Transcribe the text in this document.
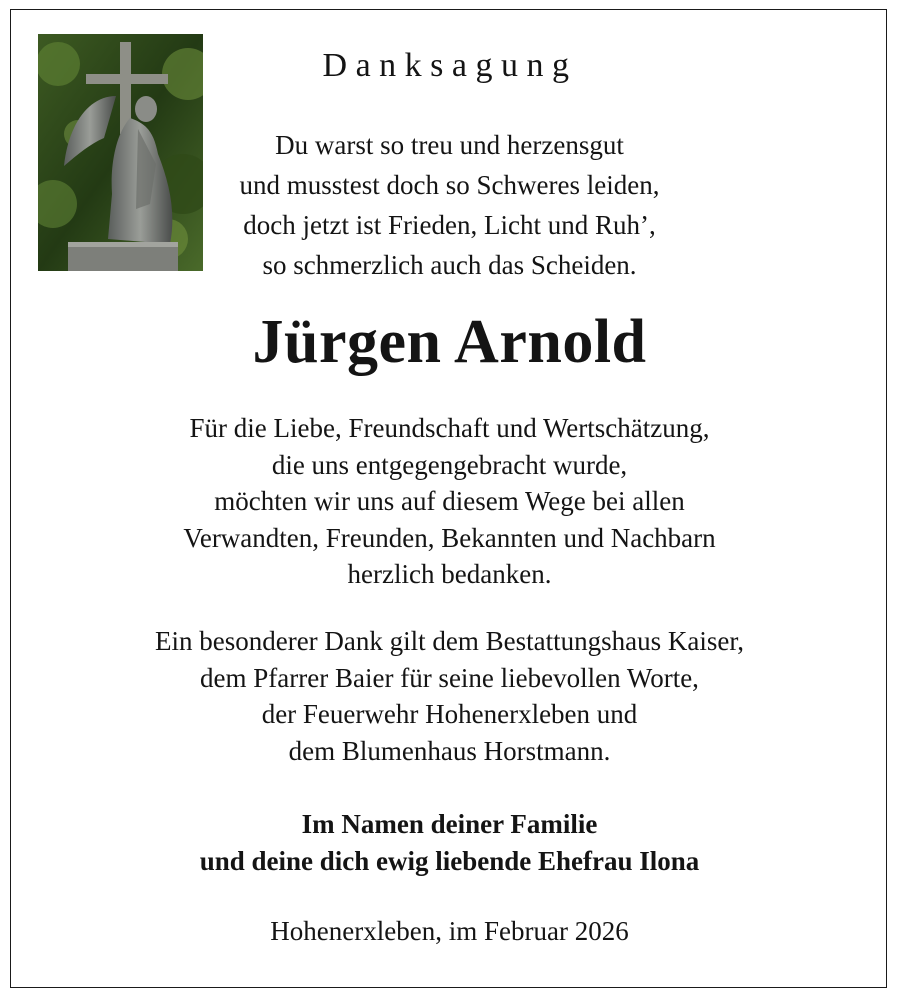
Danksagung
Du warst so treu und herzensgut
und musstest doch so Schweres leiden,
doch jetzt ist Frieden, Licht und Ruh’,
so schmerzlich auch das Scheiden.
Jürgen Arnold
Für die Liebe, Freundschaft und Wertschätzung,
die uns entgegengebracht wurde,
möchten wir uns auf diesem Wege bei allen
Verwandten, Freunden, Bekannten und Nachbarn
herzlich bedanken.
Ein besonderer Dank gilt dem Bestattungshaus Kaiser,
dem Pfarrer Baier für seine liebevollen Worte,
der Feuerwehr Hohenerxleben und
dem Blumenhaus Horstmann.
Im Namen deiner Familie
und deine dich ewig liebende Ehefrau Ilona
Hohenerxleben, im Februar 2026
